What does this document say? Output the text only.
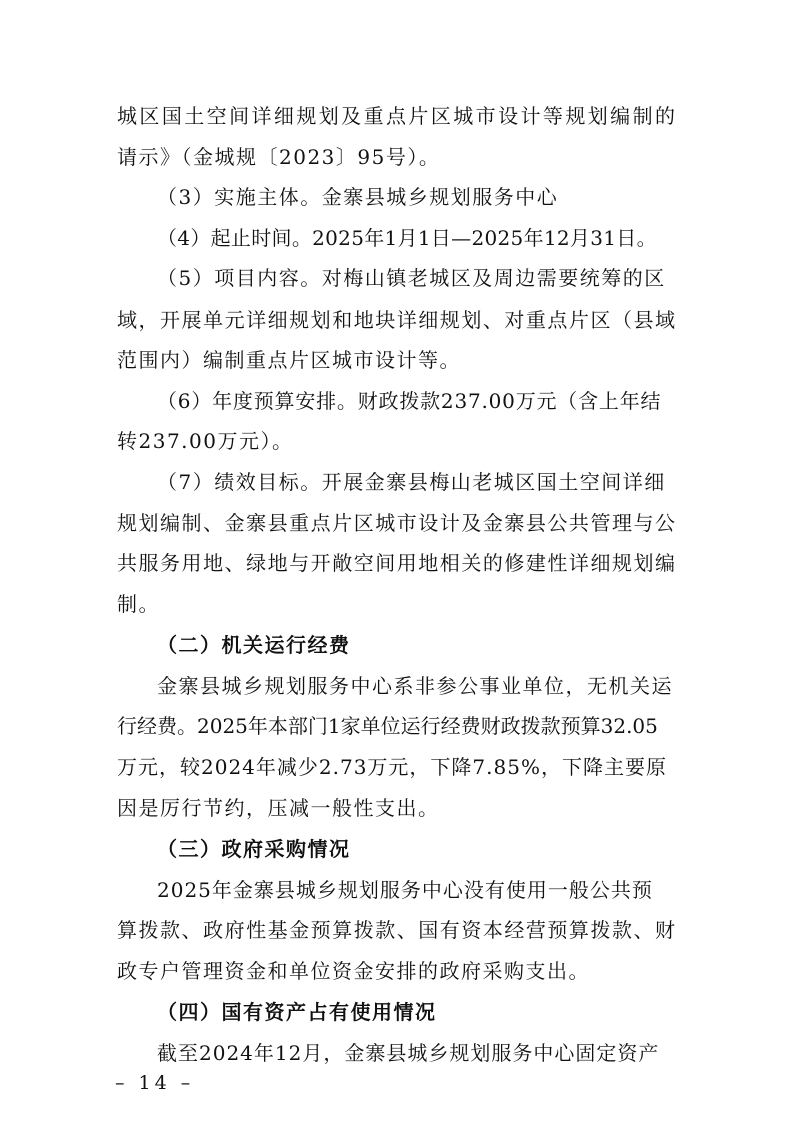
城区国土空间详细规划及重点片区城市设计等规划编制的
请示》（金城规〔2023〕95号）。
（3）实施主体。金寨县城乡规划服务中心
（4）起止时间。2025年1月1日—2025年12月31日。
（5）项目内容。对梅山镇老城区及周边需要统筹的区
域，开展单元详细规划和地块详细规划、对重点片区（县域
范围内）编制重点片区城市设计等。
（6）年度预算安排。财政拨款237.00万元（含上年结
转237.00万元）。
（7）绩效目标。开展金寨县梅山老城区国土空间详细
规划编制、金寨县重点片区城市设计及金寨县公共管理与公
共服务用地、绿地与开敞空间用地相关的修建性详细规划编
制。
（二）机关运行经费
金寨县城乡规划服务中心系非参公事业单位，无机关运
行经费。2025年本部门1家单位运行经费财政拨款预算32.05
万元，较2024年减少2.73万元，下降7.85%，下降主要原
因是厉行节约，压减一般性支出。
（三）政府采购情况
2025年金寨县城乡规划服务中心没有使用一般公共预
算拨款、政府性基金预算拨款、国有资本经营预算拨款、财
政专户管理资金和单位资金安排的政府采购支出。
（四）国有资产占有使用情况
截至2024年12月，金寨县城乡规划服务中心固定资产
– 14 –
